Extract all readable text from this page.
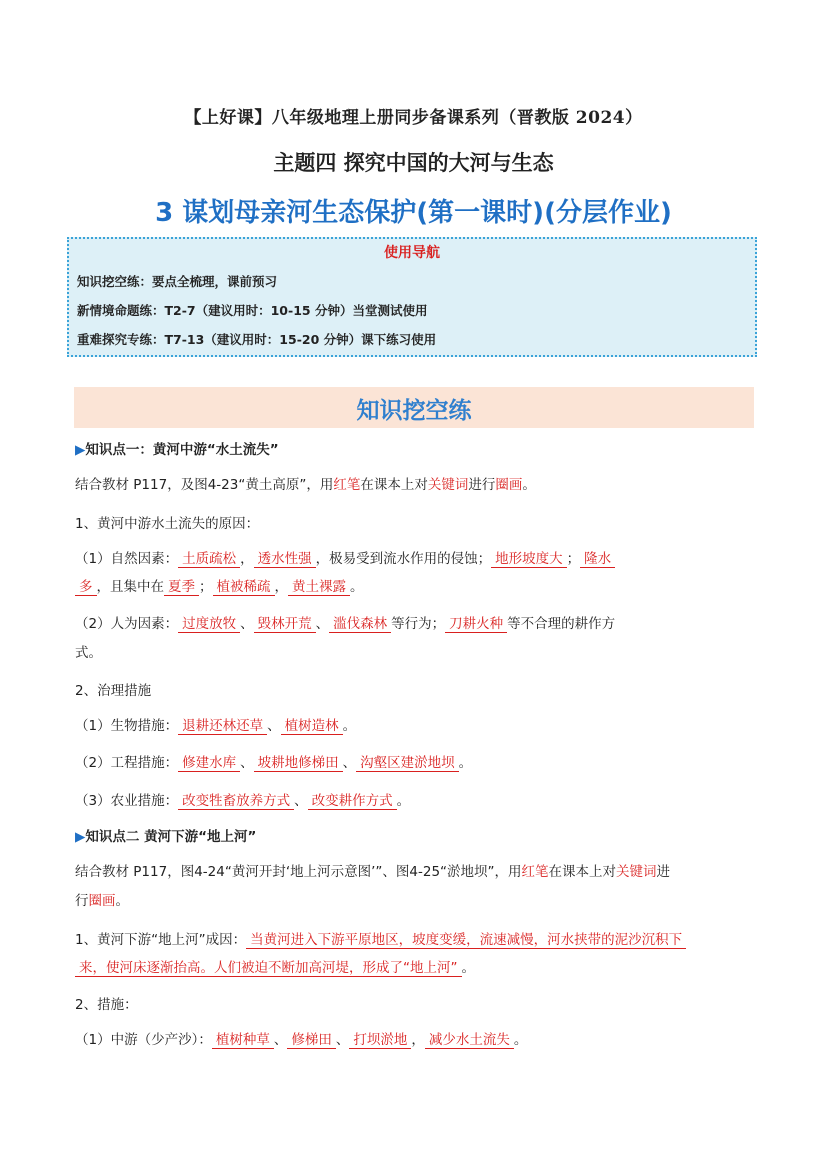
【上好课】八年级地理上册同步备课系列（晋教版 2024）
主题四 探究中国的大河与生态
3 谋划母亲河生态保护(第一课时)(分层作业)
使用导航
知识挖空练：要点全梳理，课前预习
新情境命题练：T2-7（建议用时：10-15 分钟）当堂测试使用
重难探究专练：T7-13（建议用时：15-20 分钟）课下练习使用
知识挖空练
▶知识点一：黄河中游“水土流失”
结合教材 P117，及图4-23“黄土高原”，用红笔在课本上对关键词进行圈画。
1、黄河中游水土流失的原因：
（1）自然因素： 土质疏松 ， 透水性强 ，极易受到流水作用的侵蚀； 地形坡度大 ； 隆水
多 ，且集中在 夏季 ； 植被稀疏 ， 黄土裸露 。
（2）人为因素： 过度放牧 、 毁林开荒 、 滥伐森林 等行为； 刀耕火种 等不合理的耕作方
式。
2、治理措施
（1）生物措施： 退耕还林还草 、 植树造林 。
（2）工程措施： 修建水库 、 坡耕地修梯田 、 沟壑区建淤地坝 。
（3）农业措施： 改变牲畜放养方式 、 改变耕作方式 。
▶知识点二 黄河下游“地上河”
结合教材 P117，图4-24“黄河开封‘地上河示意图’”、图4-25“淤地坝”，用红笔在课本上对关键词进
行圈画。
1、黄河下游“地上河”成因： 当黄河进入下游平原地区，坡度变缓，流速减慢，河水挟带的泥沙沉积下
来，使河床逐渐抬高。人们被迫不断加高河堤，形成了“地上河” 。
2、措施：
（1）中游（少产沙）： 植树种草 、 修梯田 、 打坝淤地 ， 减少水土流失 。
